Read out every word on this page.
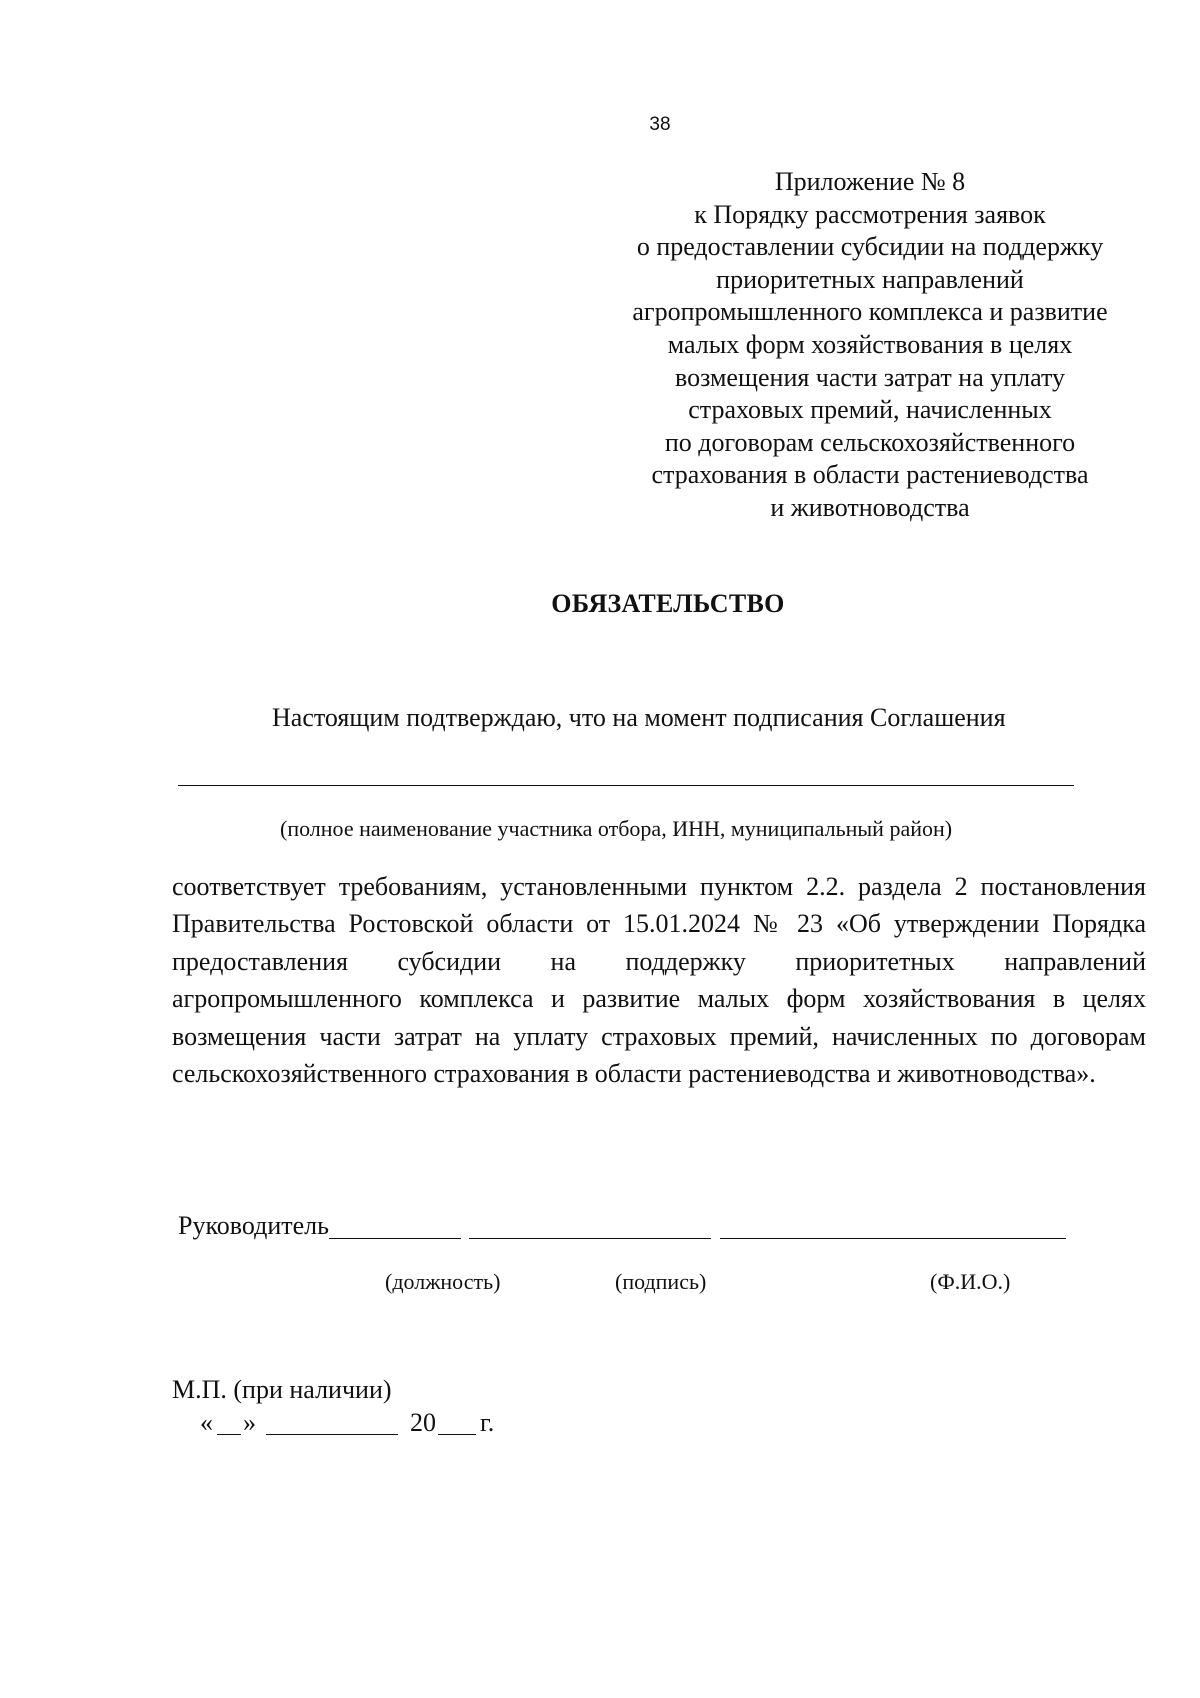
38
Приложение № 8
к Порядку рассмотрения заявок
о предоставлении субсидии на поддержку
приоритетных направлений
агропромышленного комплекса и развитие
малых форм хозяйствования в целях
возмещения части затрат на уплату
страховых премий, начисленных
по договорам сельскохозяйственного
страхования в области растениеводства
и животноводства
ОБЯЗАТЕЛЬСТВО
Настоящим подтверждаю, что на момент подписания Соглашения
(полное наименование участника отбора, ИНН, муниципальный район)
соответствует требованиям, установленными пунктом 2.2. раздела 2 постановления Правительства Ростовской области от 15.01.2024 № 23 «Об утверждении Порядка предоставления субсидии на поддержку приоритетных направлений агропромышленного комплекса и развитие малых форм хозяйствования в целях возмещения части затрат на уплату страховых премий, начисленных по договорам сельскохозяйственного страхования в области растениеводства и животноводства».
Руководитель
(должность)	(подпись)	(Ф.И.О.)
М.П. (при наличии)
« »	20 г.
